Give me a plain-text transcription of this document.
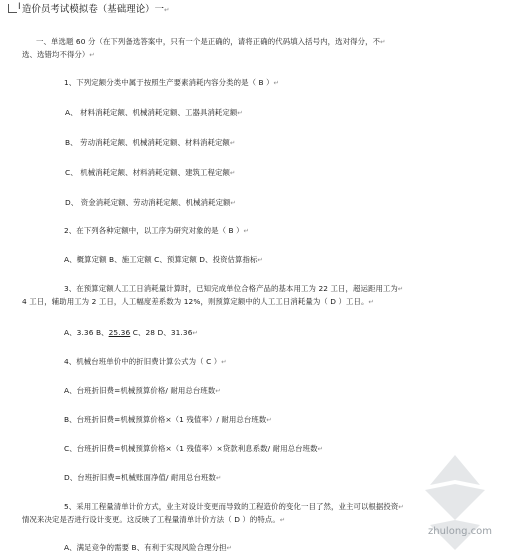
I 造价员考试模拟卷（基础理论）一↵
一、单选题 60 分（在下列备选答案中，只有一个是正确的，请将正确的代码填入括号内，选对得分，不↵
选、选错均不得分）↵
1、下列定额分类中属于按照生产要素消耗内容分类的是（ B ）↵
A、 材料消耗定额、机械消耗定额、工器具消耗定额↵
B、 劳动消耗定额、机械消耗定额、材料消耗定额↵
C、 机械消耗定额、材料消耗定额、建筑工程定额↵
D、 资金消耗定额、劳动消耗定额、机械消耗定额↵
2、在下列各种定额中，以工序为研究对象的是（ B ）↵
A、概算定额 B、施工定额 C、预算定额 D、投资估算指标↵
3、在预算定额人工工日消耗量计算时，已知完成单位合格产品的基本用工为 22 工日，超运距用工为↵
4 工日，辅助用工为 2 工日，人工幅度差系数为 12%，则预算定额中的人工工日消耗量为（ D ）工日。↵
A、3.36 B、25.36 C、28 D、31.36↵
4、机械台班单价中的折旧费计算公式为（ C ）↵
A、台班折旧费=机械预算价格/ 耐用总台班数↵
B、台班折旧费=机械预算价格×（1 残值率）/ 耐用总台班数↵
C、台班折旧费=机械预算价格×（1 残值率）×贷款利息系数/ 耐用总台班数↵
D、台班折旧费=机械账面净值/ 耐用总台班数↵
5、采用工程量清单计价方式，业主对设计变更而导致的工程造价的变化一目了然，业主可以根据投资↵
情况来决定是否进行设计变更。这反映了工程量清单计价方法（ D ）的特点。↵
A、满足竞争的需要 B、有利于实现风险合理分担↵
zhulong.com
